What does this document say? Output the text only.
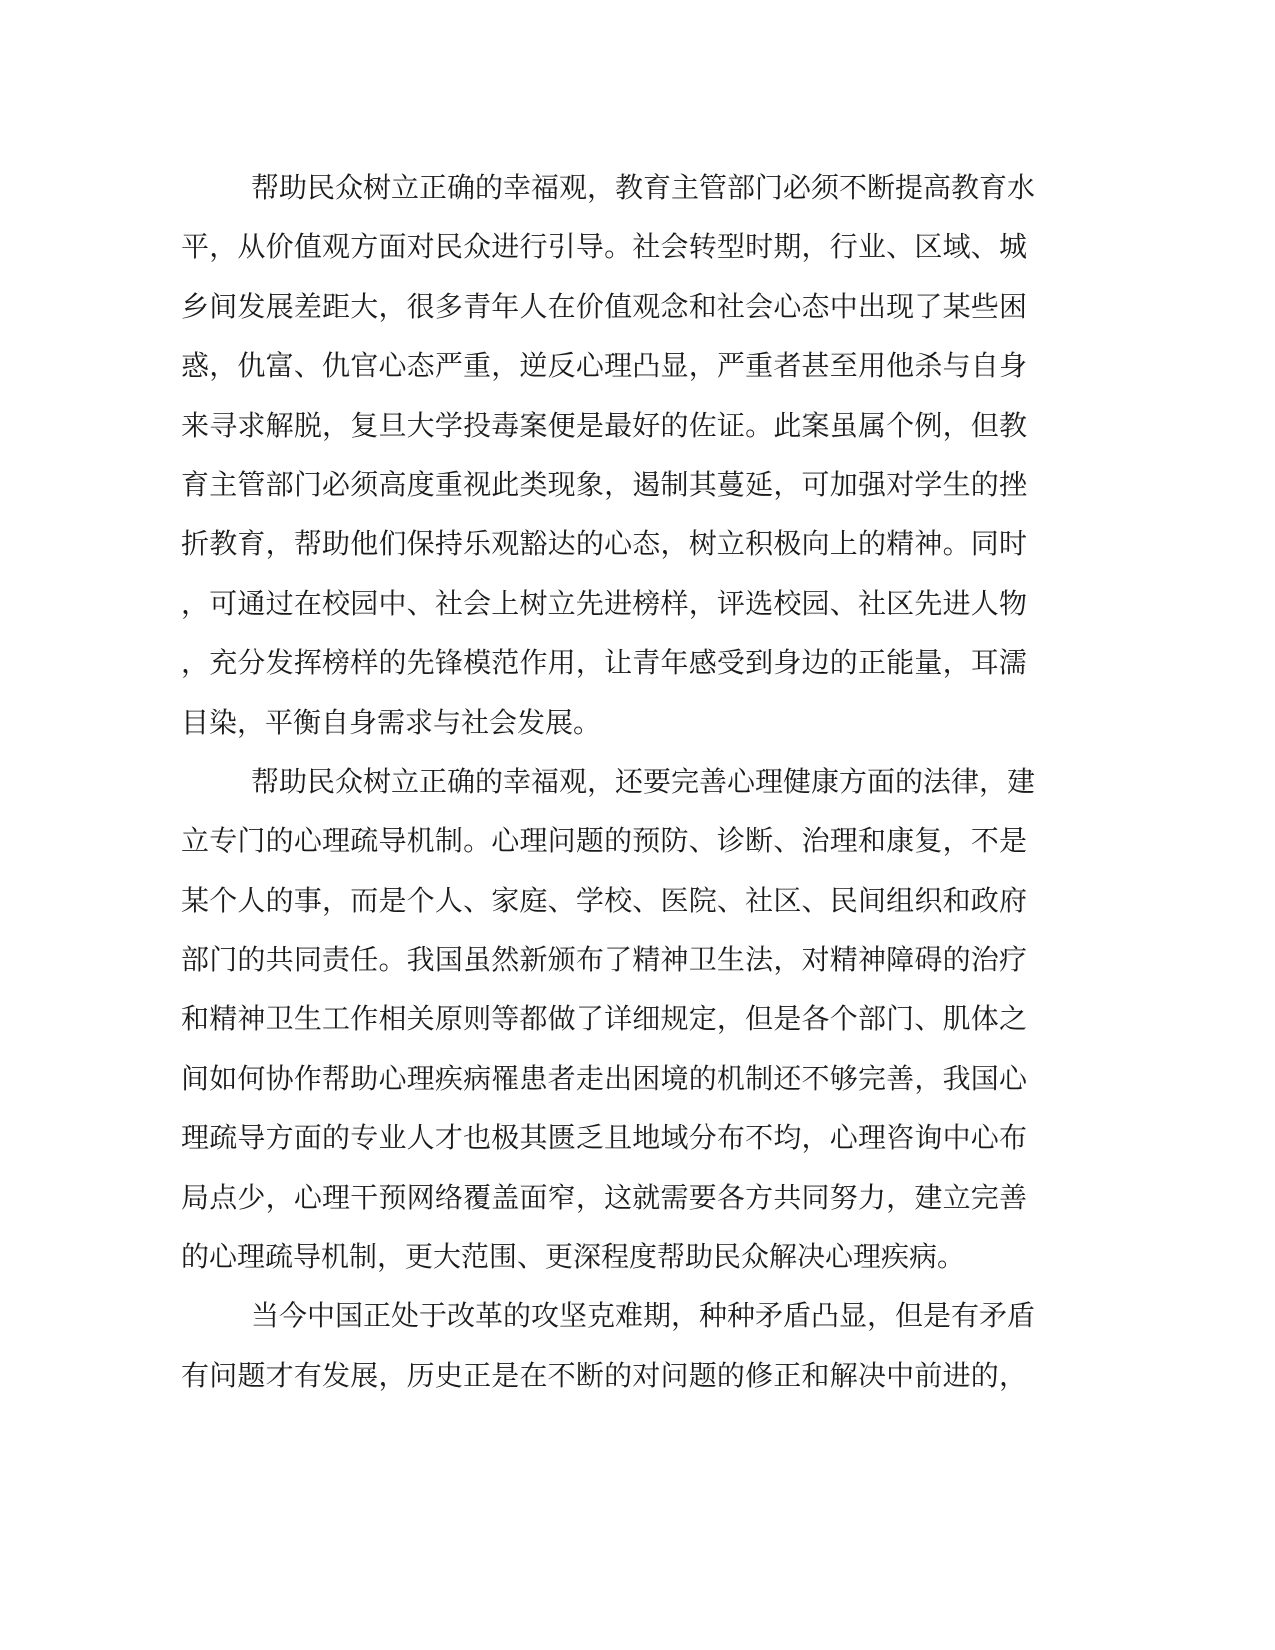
帮助民众树立正确的幸福观，教育主管部门必须不断提高教育水
平，从价值观方面对民众进行引导。社会转型时期，行业、区域、城
乡间发展差距大，很多青年人在价值观念和社会心态中出现了某些困
惑，仇富、仇官心态严重，逆反心理凸显，严重者甚至用他杀与自身
来寻求解脱，复旦大学投毒案便是最好的佐证。此案虽属个例，但教
育主管部门必须高度重视此类现象，遏制其蔓延，可加强对学生的挫
折教育，帮助他们保持乐观豁达的心态，树立积极向上的精神。同时
，可通过在校园中、社会上树立先进榜样，评选校园、社区先进人物
，充分发挥榜样的先锋模范作用，让青年感受到身边的正能量，耳濡
目染，平衡自身需求与社会发展。
帮助民众树立正确的幸福观，还要完善心理健康方面的法律，建
立专门的心理疏导机制。心理问题的预防、诊断、治理和康复，不是
某个人的事，而是个人、家庭、学校、医院、社区、民间组织和政府
部门的共同责任。我国虽然新颁布了精神卫生法，对精神障碍的治疗
和精神卫生工作相关原则等都做了详细规定，但是各个部门、肌体之
间如何协作帮助心理疾病罹患者走出困境的机制还不够完善，我国心
理疏导方面的专业人才也极其匮乏且地域分布不均，心理咨询中心布
局点少，心理干预网络覆盖面窄，这就需要各方共同努力，建立完善
的心理疏导机制，更大范围、更深程度帮助民众解决心理疾病。
当今中国正处于改革的攻坚克难期，种种矛盾凸显，但是有矛盾
有问题才有发展，历史正是在不断的对问题的修正和解决中前进的，
